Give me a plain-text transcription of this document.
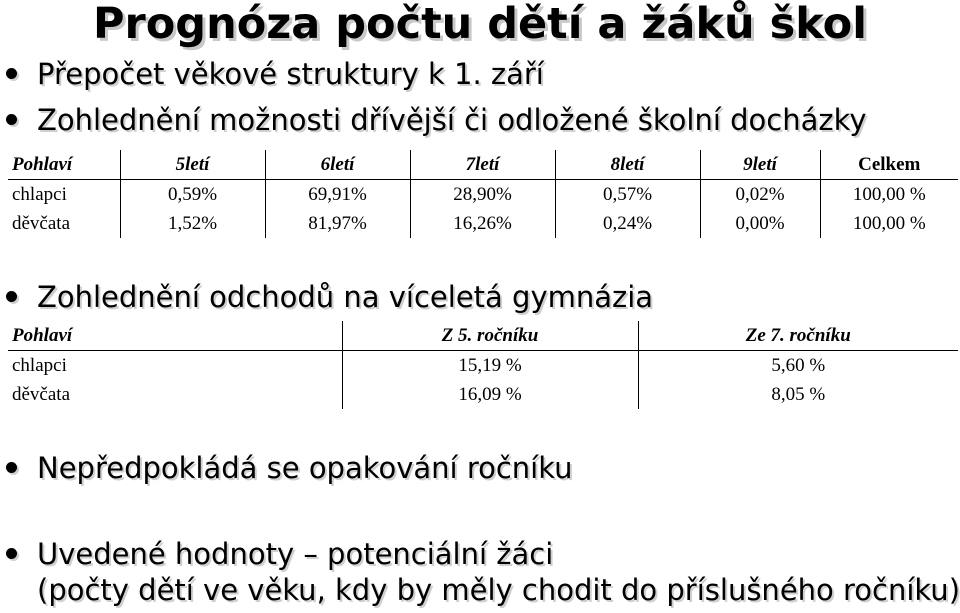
Prognóza počtu dětí a žáků škol
Přepočet věkové struktury k 1. září
Zohlednění možnosti dřívější či odložené školní docházky
Pohlaví	5letí	6letí	7letí	8letí	9letí	Celkem
chlapci	0,59%	69,91%	28,90%	0,57%	0,02%	100,00 %
děvčata	1,52%	81,97%	16,26%	0,24%	0,00%	100,00 %
Zohlednění odchodů na víceletá gymnázia
Pohlaví	Z 5. ročníku	Ze 7. ročníku
chlapci	15,19 %	5,60 %
děvčata	16,09 %	8,05 %
Nepředpokládá se opakování ročníku
Uvedené hodnoty – potenciální žáci
(počty dětí ve věku, kdy by měly chodit do příslušného ročníku)
